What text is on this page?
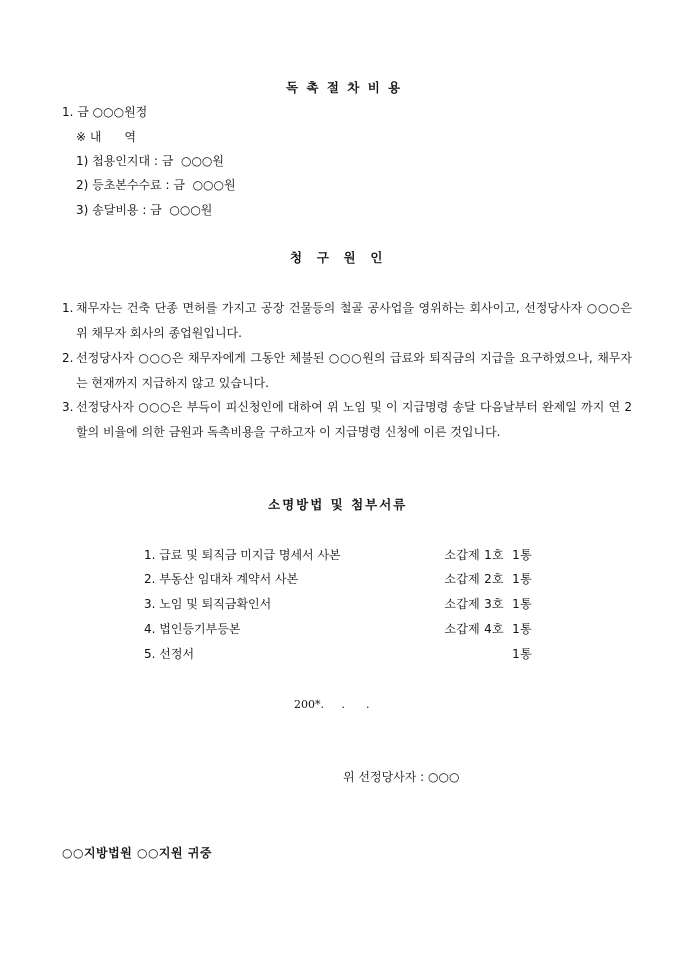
독 촉 절 차 비 용
1. 금 ○○○원정
※ 내      역
1) 첩용인지대 : 금  ○○○원
2) 등초본수수료 : 금  ○○○원
3) 송달비용 : 금  ○○○원
청  구  원  인
1. 채무자는 건축 단종 면허를 가지고 공장 건물등의 철골 공사업을 영위하는 회사이고, 선정당사자 ○○○은 위 채무자 회사의 종업원입니다.
2. 선정당사자 ○○○은 채무자에게 그동안 체불된 ○○○원의 급료와 퇴직금의 지급을 요구하였으나, 채무자는 현재까지 지급하지 않고 있습니다.
3. 선정당사자 ○○○은 부득이 피신청인에 대하여 위 노임 및 이 지급명령 송달 다음날부터 완제일 까지 연 2할의 비율에 의한 금원과 독촉비용을 구하고자 이 지급명령 신청에 이른 것입니다.
소명방법 및 첨부서류
1. 급료 및 퇴직금 미지급 명세서 사본	소갑제 1호  1통
2. 부동산 임대차 계약서 사본	소갑제 2호  1통
3. 노임 및 퇴직금확인서	소갑제 3호  1통
4. 법인등기부등본	소갑제 4호  1통
5. 선정서	1통
200*.     .      .
위 선정당사자 : ○○○
○○지방법원 ○○지원 귀중
